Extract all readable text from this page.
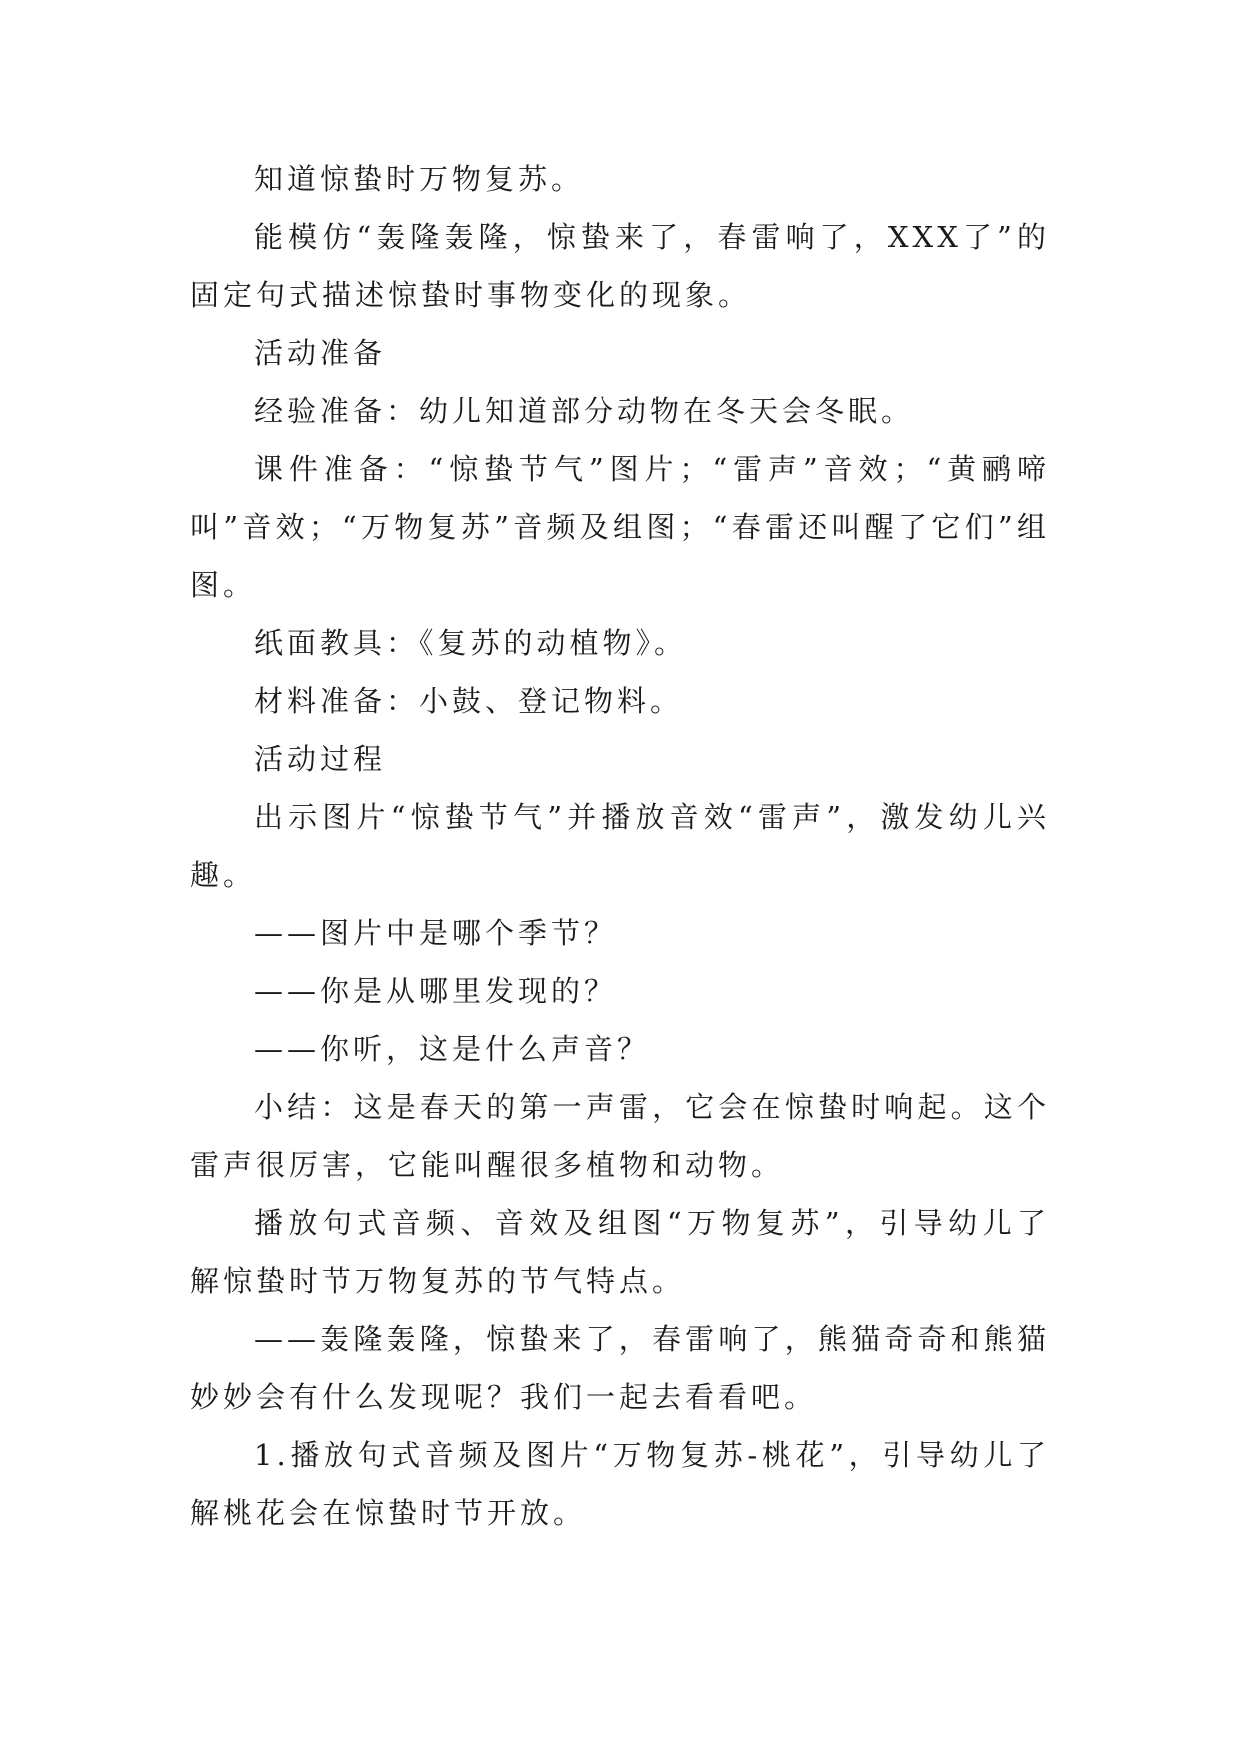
知道惊蛰时万物复苏。

能模仿“轰隆轰隆，惊蛰来了，春雷响了，XXX了”的固定句式描述惊蛰时事物变化的现象。

活动准备

经验准备：幼儿知道部分动物在冬天会冬眠。

课件准备：“惊蛰节气”图片；“雷声”音效；“黄鹂啼叫”音效；“万物复苏”音频及组图；“春雷还叫醒了它们”组图。

纸面教具：《复苏的动植物》。

材料准备：小鼓、登记物料。

活动过程

出示图片“惊蛰节气”并播放音效“雷声”，激发幼儿兴趣。

——图片中是哪个季节？

——你是从哪里发现的？

——你听，这是什么声音？

小结：这是春天的第一声雷，它会在惊蛰时响起。这个雷声很厉害，它能叫醒很多植物和动物。

播放句式音频、音效及组图“万物复苏”，引导幼儿了解惊蛰时节万物复苏的节气特点。

——轰隆轰隆，惊蛰来了，春雷响了，熊猫奇奇和熊猫妙妙会有什么发现呢？我们一起去看看吧。

1.播放句式音频及图片“万物复苏-桃花”，引导幼儿了解桃花会在惊蛰时节开放。
